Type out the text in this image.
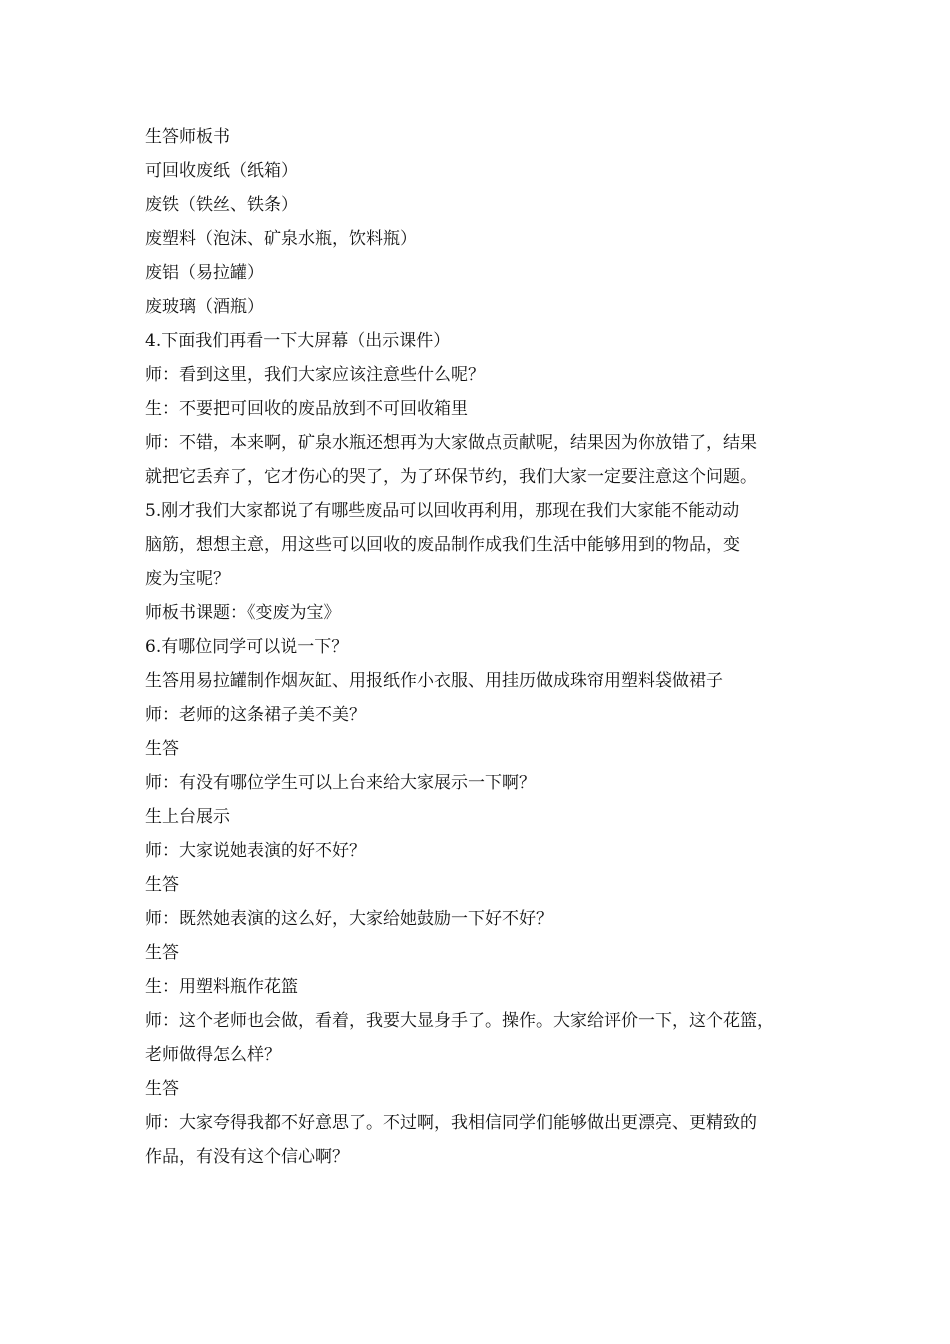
生答师板书
可回收废纸（纸箱）
废铁（铁丝、铁条）
废塑料（泡沫、矿泉水瓶，饮料瓶）
废铝（易拉罐）
废玻璃（酒瓶）
4.下面我们再看一下大屏幕（出示课件）
师：看到这里，我们大家应该注意些什么呢？
生：不要把可回收的废品放到不可回收箱里
师：不错，本来啊，矿泉水瓶还想再为大家做点贡献呢，结果因为你放错了，结果
就把它丢弃了，它才伤心的哭了，为了环保节约，我们大家一定要注意这个问题。
5.刚才我们大家都说了有哪些废品可以回收再利用，那现在我们大家能不能动动
脑筋，想想主意，用这些可以回收的废品制作成我们生活中能够用到的物品，变
废为宝呢？
师板书课题：《变废为宝》
6.有哪位同学可以说一下？
生答用易拉罐制作烟灰缸、用报纸作小衣服、用挂历做成珠帘用塑料袋做裙子
师：老师的这条裙子美不美？
生答
师：有没有哪位学生可以上台来给大家展示一下啊？
生上台展示
师：大家说她表演的好不好？
生答
师：既然她表演的这么好，大家给她鼓励一下好不好？
生答
生：用塑料瓶作花篮
师：这个老师也会做，看着，我要大显身手了。操作。大家给评价一下，这个花篮，
老师做得怎么样？
生答
师：大家夸得我都不好意思了。不过啊，我相信同学们能够做出更漂亮、更精致的
作品，有没有这个信心啊？
